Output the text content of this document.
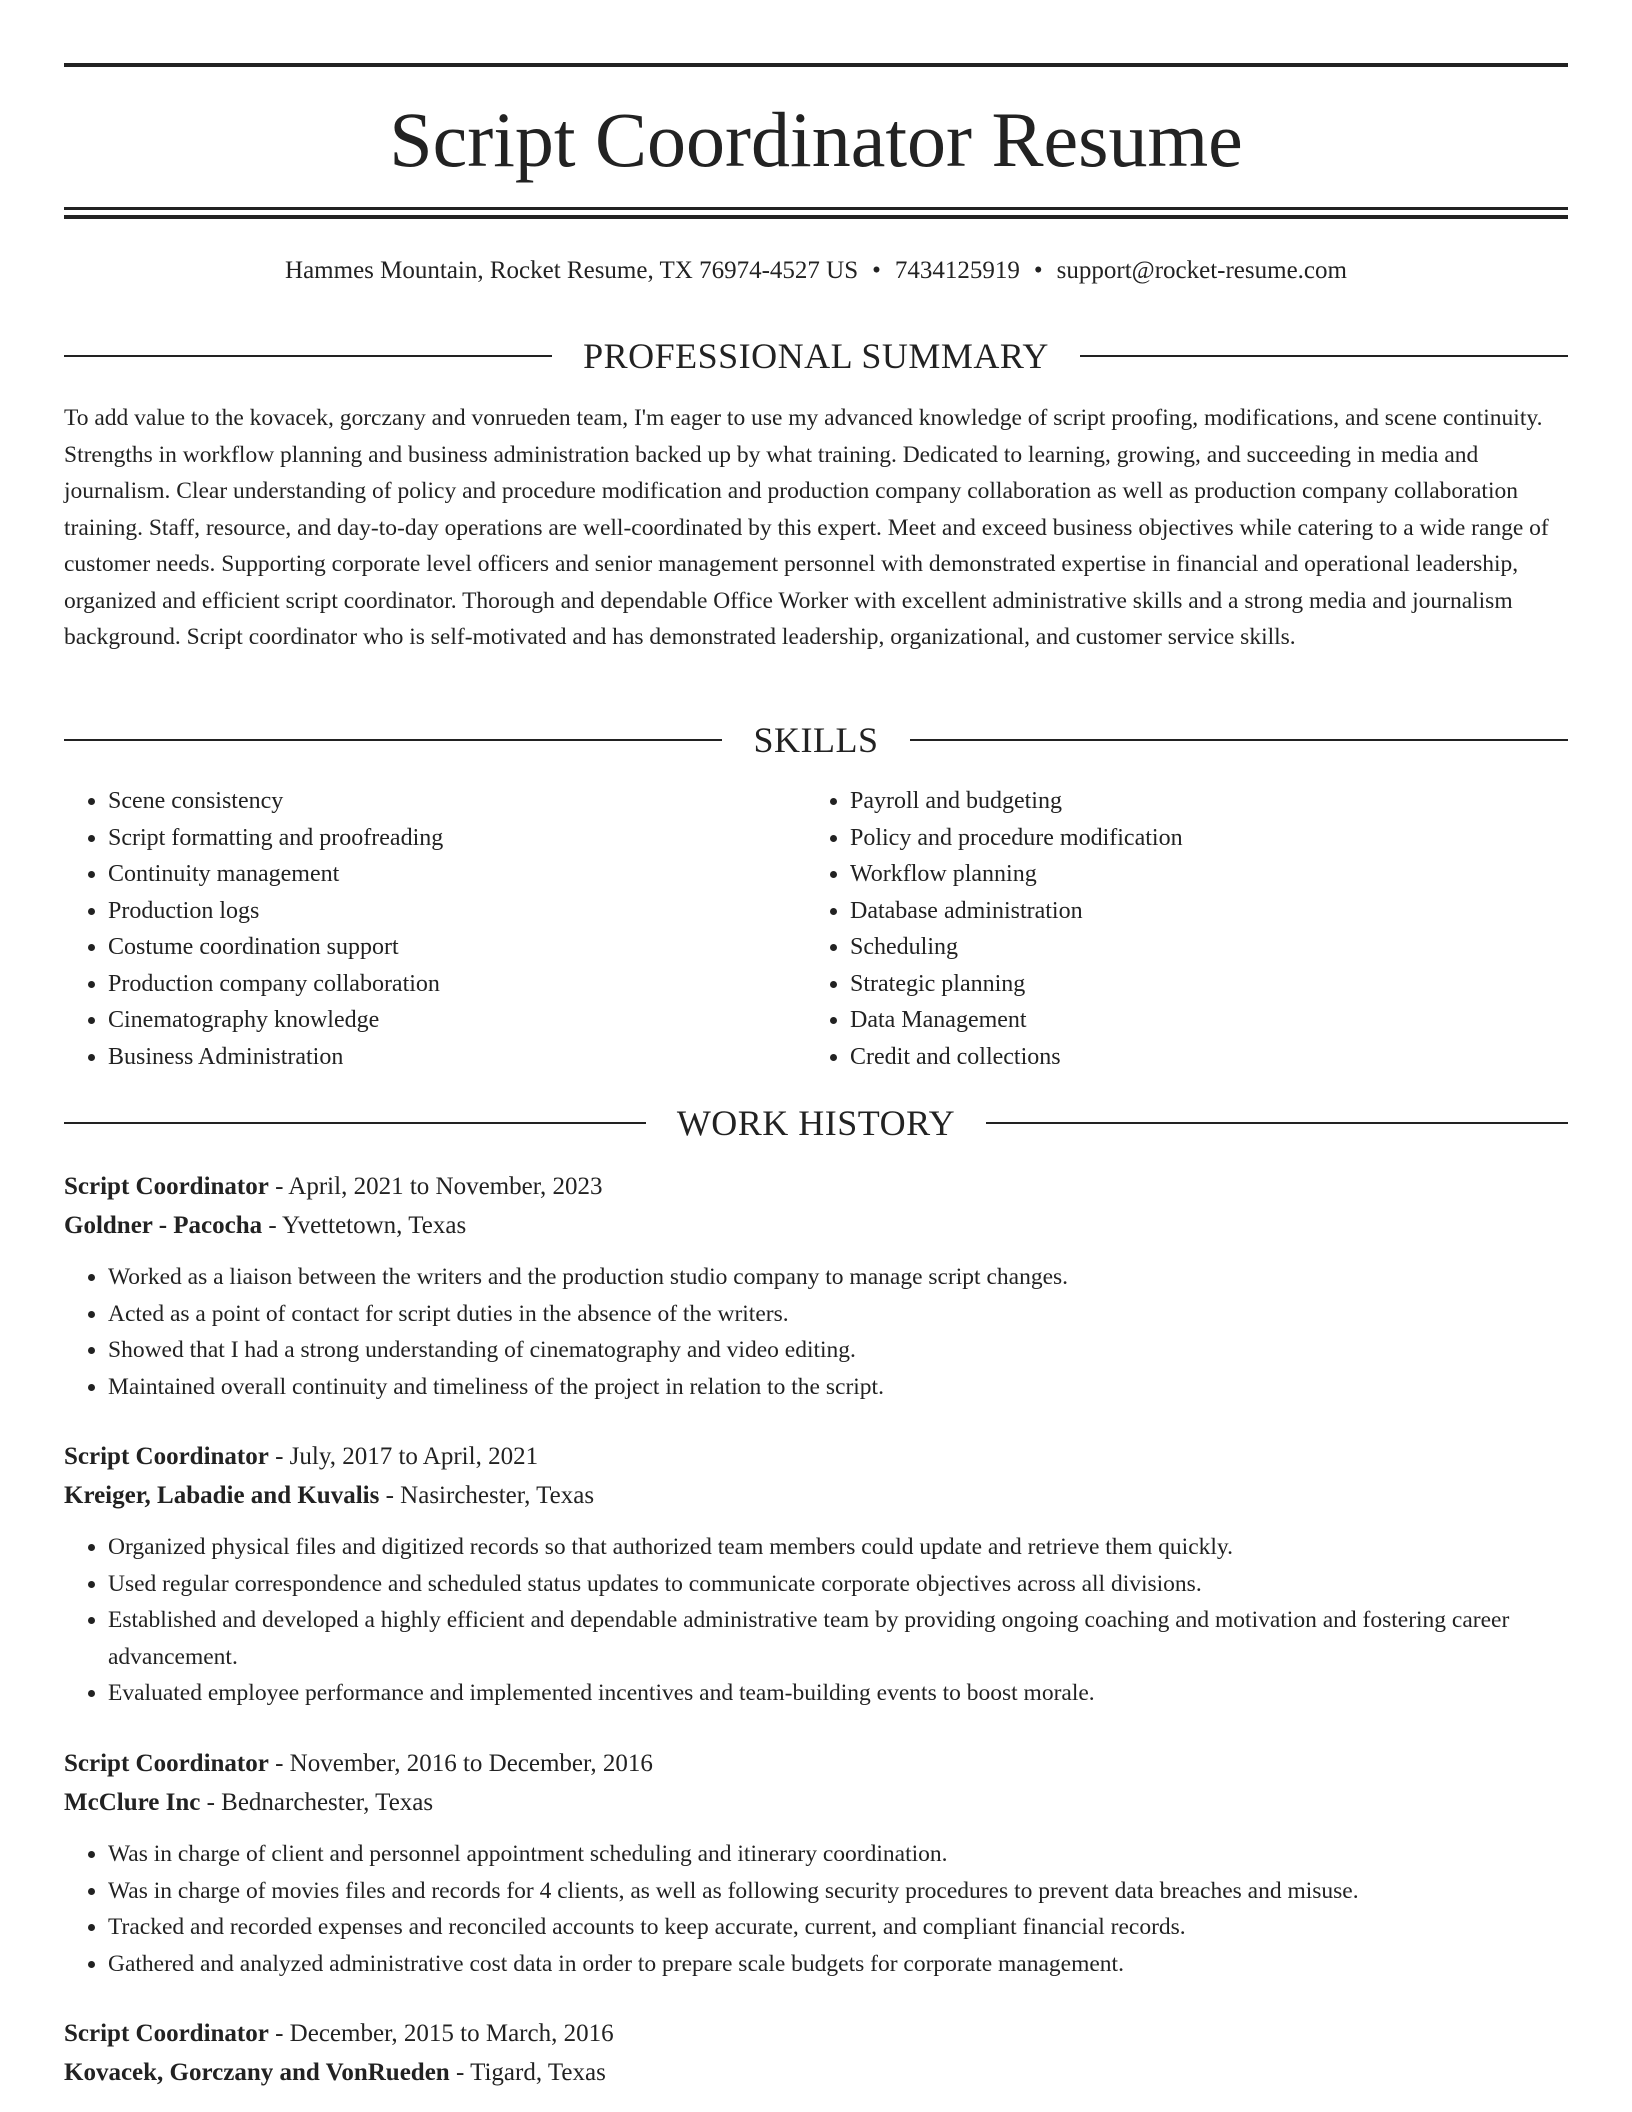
Script Coordinator Resume
Hammes Mountain, Rocket Resume, TX 76974-4527 US • 7434125919 • support@rocket-resume.com
PROFESSIONAL SUMMARY

To add value to the kovacek, gorczany and vonrueden team, I'm eager to use my advanced knowledge of script proofing, modifications, and scene continuity. Strengths in workflow planning and business administration backed up by what training. Dedicated to learning, growing, and succeeding in media and journalism. Clear understanding of policy and procedure modification and production company collaboration as well as production company collaboration training. Staff, resource, and day-to-day operations are well-coordinated by this expert. Meet and exceed business objectives while catering to a wide range of customer needs. Supporting corporate level officers and senior management personnel with demonstrated expertise in financial and operational leadership, organized and efficient script coordinator. Thorough and dependable Office Worker with excellent administrative skills and a strong media and journalism background. Script coordinator who is self-motivated and has demonstrated leadership, organizational, and customer service skills.

SKILLS
• Scene consistency
• Script formatting and proofreading
• Continuity management
• Production logs
• Costume coordination support
• Production company collaboration
• Cinematography knowledge
• Business Administration
• Payroll and budgeting
• Policy and procedure modification
• Workflow planning
• Database administration
• Scheduling
• Strategic planning
• Data Management
• Credit and collections
WORK HISTORY
Script Coordinator - April, 2021 to November, 2023
Goldner - Pacocha - Yvettetown, Texas
• Worked as a liaison between the writers and the production studio company to manage script changes.
• Acted as a point of contact for script duties in the absence of the writers.
• Showed that I had a strong understanding of cinematography and video editing.
• Maintained overall continuity and timeliness of the project in relation to the script.
Script Coordinator - July, 2017 to April, 2021
Kreiger, Labadie and Kuvalis - Nasirchester, Texas
• Organized physical files and digitized records so that authorized team members could update and retrieve them quickly.
• Used regular correspondence and scheduled status updates to communicate corporate objectives across all divisions.
• Established and developed a highly efficient and dependable administrative team by providing ongoing coaching and motivation and fostering career advancement.
• Evaluated employee performance and implemented incentives and team-building events to boost morale.
Script Coordinator - November, 2016 to December, 2016
McClure Inc - Bednarchester, Texas
• Was in charge of client and personnel appointment scheduling and itinerary coordination.
• Was in charge of movies files and records for 4 clients, as well as following security procedures to prevent data breaches and misuse.
• Tracked and recorded expenses and reconciled accounts to keep accurate, current, and compliant financial records.
• Gathered and analyzed administrative cost data in order to prepare scale budgets for corporate management.
Script Coordinator - December, 2015 to March, 2016
Kovacek, Gorczany and VonRueden - Tigard, Texas
